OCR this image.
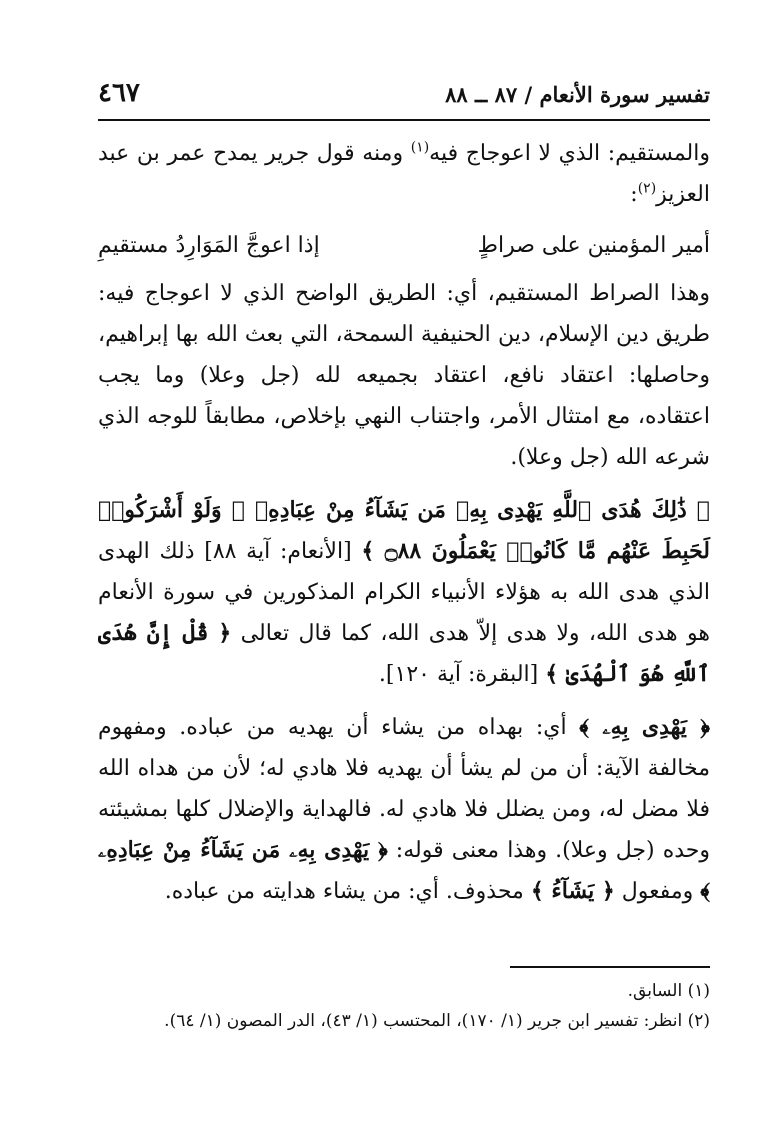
٤٦٧	تفسير سورة الأنعام / ٨٧ ــ ٨٨

والمستقيم: الذي لا اعوجاج فيه$^{(١)}$ ومنه قول جرير يمدح عمر بن عبد العزيز$^{(٢)}$:

أمير المؤمنين على صراطٍ
إذا اعوجَّ المَوَارِدُ مستقيمِ

وهذا الصراط المستقيم، أي: الطريق الواضح الذي لا اعوجاج فيه: طريق دين الإسلام، دين الحنيفية السمحة، التي بعث الله بها إبراهيم، وحاصلها: اعتقاد نافع، اعتقاد بجميعه لله (جل وعلا) وما يجب اعتقاده، مع امتثال الأمر، واجتناب النهي بإخلاص، مطابقاً للوجه الذي شرعه الله (جل وعلا).

﴿ ذَٰلِكَ هُدَى ٱللَّهِ يَهْدِى بِهِۦ مَن يَشَآءُ مِنْ عِبَادِهِۦ ۚ وَلَوْ أَشْرَكُوا۟ لَحَبِطَ عَنْهُم مَّا كَانُوا۟ يَعْمَلُونَ ۝٨٨ ﴾ [الأنعام: آية ٨٨] ذلك الهدى الذي هدى الله به هؤلاء الأنبياء الكرام المذكورين في سورة الأنعام هو هدى الله، ولا هدى إلاّ هدى الله، كما قال تعالى ﴿ قُلْ إِنَّ هُدَى ٱللَّهِ هُوَ ٱلْهُدَىٰ ﴾ [البقرة: آية ١٢٠].

﴿ يَهْدِى بِهِۦ ﴾ أي: بهداه من يشاء أن يهديه من عباده. ومفهوم مخالفة الآية: أن من لم يشأ أن يهديه فلا هادي له؛ لأن من هداه الله فلا مضل له، ومن يضلل فلا هادي له. فالهداية والإضلال كلها بمشيئته وحده (جل وعلا). وهذا معنى قوله: ﴿ يَهْدِى بِهِۦ مَن يَشَآءُ مِنْ عِبَادِهِۦ ﴾ ومفعول ﴿ يَشَآءُ ﴾ محذوف. أي: من يشاء هدايته من عباده.

(١) السابق.

(٢) انظر: تفسير ابن جرير (١/ ١٧٠)، المحتسب (١/ ٤٣)، الدر المصون (١/ ٦٤).
